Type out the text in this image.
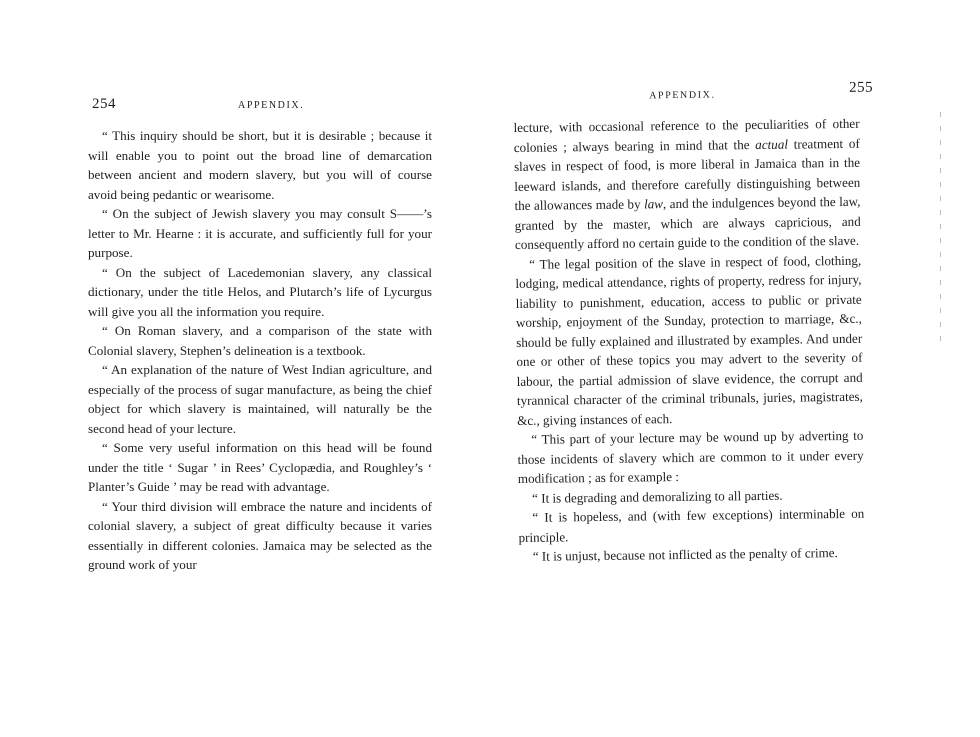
254	APPENDIX.

“ This inquiry should be short, but it is desirable ; because it will enable you to point out the broad line of demarcation between ancient and modern slavery, but you will of course avoid being pedantic or wearisome.

“ On the subject of Jewish slavery you may consult S——’s letter to Mr. Hearne : it is accurate, and sufficiently full for your purpose.

“ On the subject of Lacedemonian slavery, any classical dictionary, under the title Helos, and Plutarch’s life of Lycurgus will give you all the information you require.

“ On Roman slavery, and a comparison of the state with Colonial slavery, Stephen’s delineation is a textbook.

“ An explanation of the nature of West Indian agriculture, and especially of the process of sugar manufacture, as being the chief object for which slavery is maintained, will naturally be the second head of your lecture.

“ Some very useful information on this head will be found under the title ‘ Sugar ’ in Rees’ Cyclopædia, and Roughley’s ‘ Planter’s Guide ’ may be read with advantage.

“ Your third division will embrace the nature and incidents of colonial slavery, a subject of great difficulty because it varies essentially in different colonies. Jamaica may be selected as the ground work of your

APPENDIX.	255

lecture, with occasional reference to the peculiarities of other colonies ; always bearing in mind that the actual treatment of slaves in respect of food, is more liberal in Jamaica than in the leeward islands, and therefore carefully distinguishing between the allowances made by law, and the indulgences beyond the law, granted by the master, which are always capricious, and consequently afford no certain guide to the condition of the slave.

“ The legal position of the slave in respect of food, clothing, lodging, medical attendance, rights of property, redress for injury, liability to punishment, education, access to public or private worship, enjoyment of the Sunday, protection to marriage, &c., should be fully explained and illustrated by examples. And under one or other of these topics you may advert to the severity of labour, the partial admission of slave evidence, the corrupt and tyrannical character of the criminal tribunals, juries, magistrates, &c., giving instances of each.

“ This part of your lecture may be wound up by adverting to those incidents of slavery which are common to it under every modification ; as for example :

“ It is degrading and demoralizing to all parties.

“ It is hopeless, and (with few exceptions) interminable on principle.

“ It is unjust, because not inflicted as the penalty of crime.
